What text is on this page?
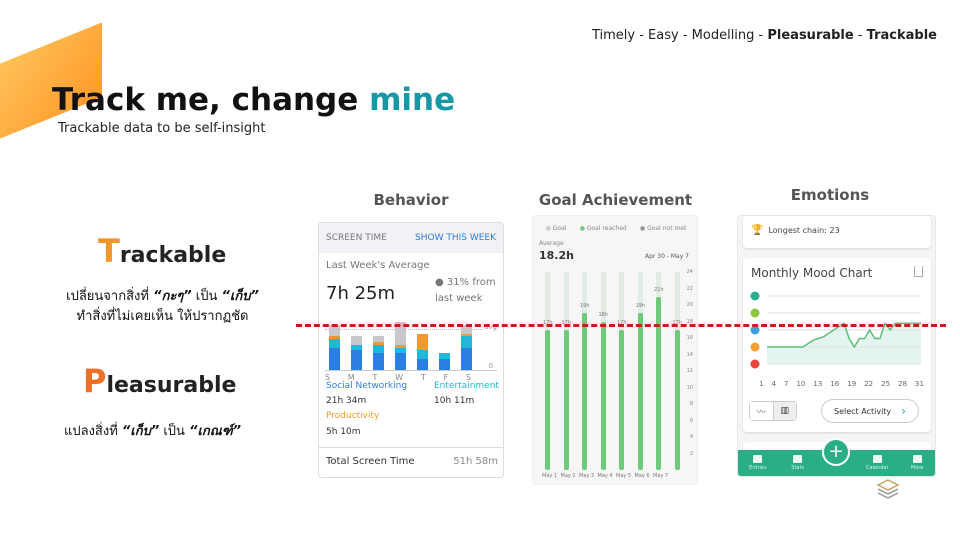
Timely - Easy - Modelling - Pleasurable - Trackable
Track me, change mine
Trackable data to be self-insight
Behavior	Goal Achievement	Emotions
Trackable
เปลี่ยนจากสิ่งที่ “กะๆ” เป็น “เก็บ”
ทำสิ่งที่ไม่เคยเห็น ให้ปรากฏชัด
Pleasurable
แปลงสิ่งที่ “เก็บ” เป็น “เกณฑ์”
SCREEN TIME	SHOW THIS WEEK
Last Week's Average
7h 25m
● 31% from
last week
avg
0
S M T W T F S
Social Networking
21h 34m
Entertainment
10h 11m
Productivity
5h 10m
Total Screen Time	51h 58m
● Goal ● Goal reached ● Goal not met
Average
18.2h	Apr 30 - May 7
24
22
20
18
16
14
12
10
8
6
4
2
17h
May 1
17h
May 2
19h
May 3
18h
May 4
17h
May 5
19h
May 6
21h
May 7
17h
🏆 Longest chain: 23
Monthly Mood Chart
1 4 7 10 13 16 19 22 25 28 31
〰	▥	Select Activity ›
Entries	Stats	Calendar	More
+
